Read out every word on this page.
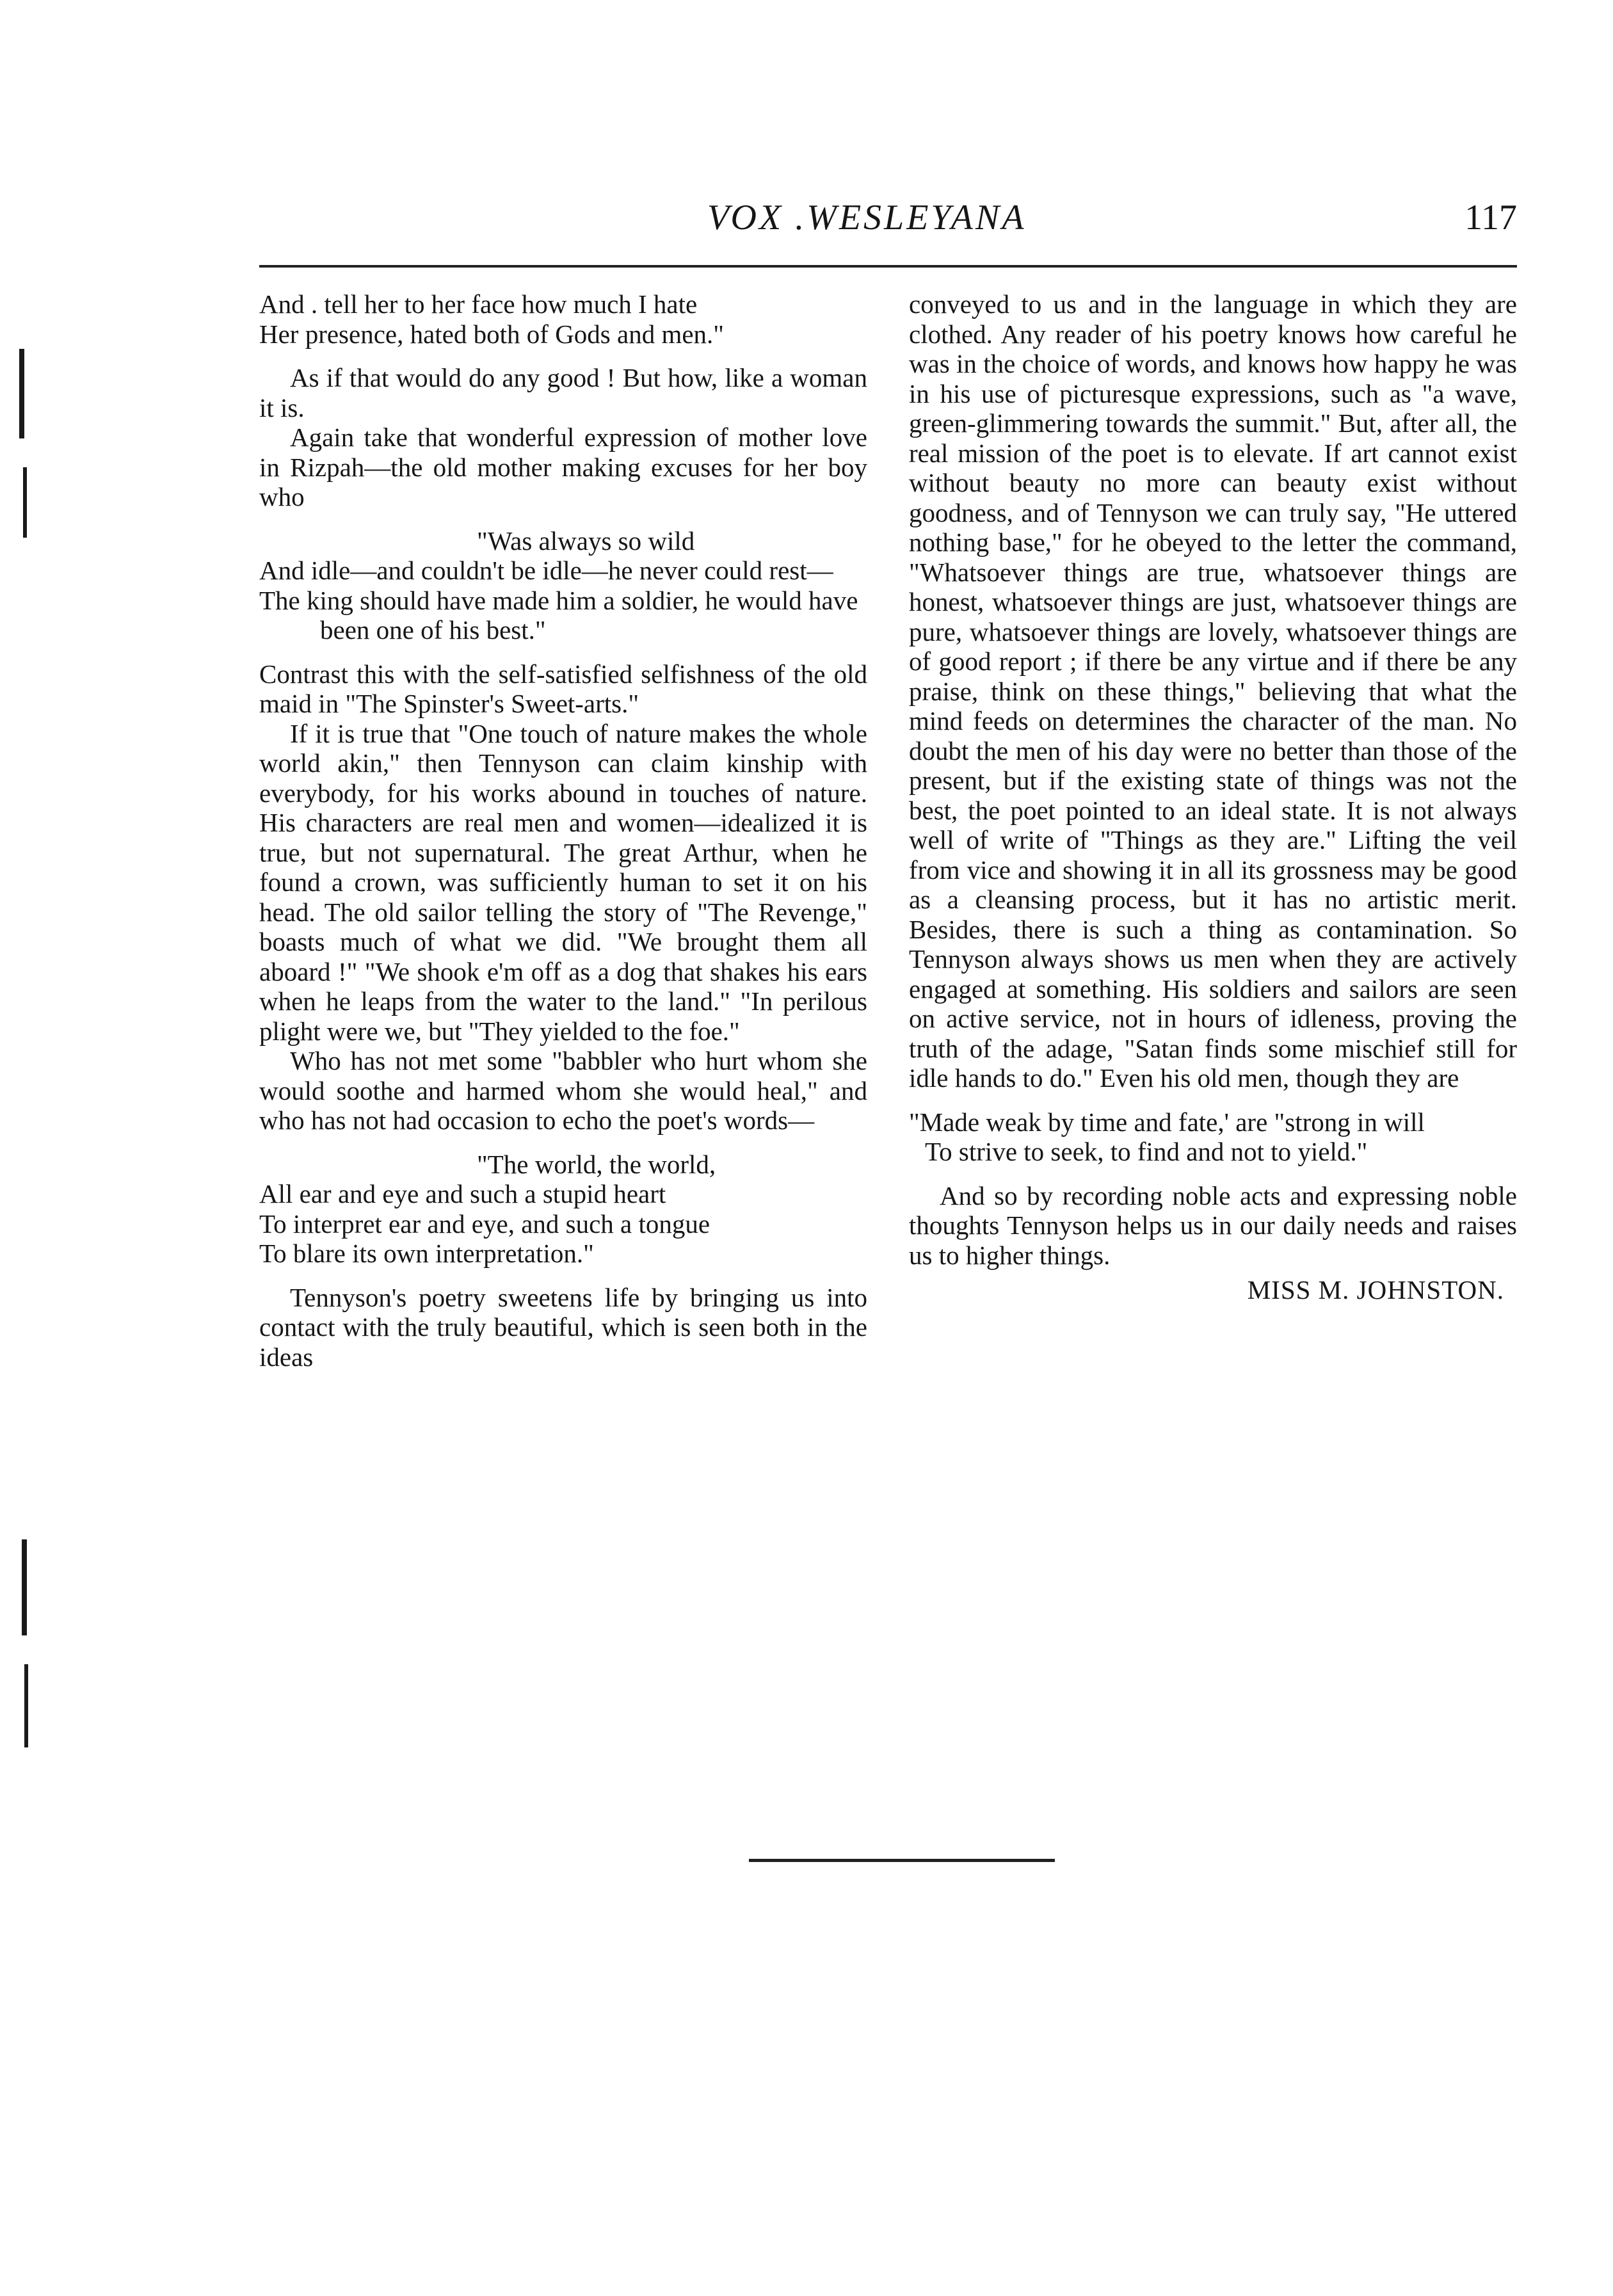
VOX .WESLEYANA	117
And . tell her to her face how much I hate
Her presence, hated both of Gods and men."

As if that would do any good ! But how, like a woman it is.

Again take that wonderful expression of mother love in Rizpah—the old mother making excuses for her boy who

"Was always so wild
And idle—and couldn't be idle—he never could rest—
The king should have made him a soldier, he would have been one of his best."

Contrast this with the self-satisfied selfishness of the old maid in "The Spinster's Sweet-arts."

If it is true that "One touch of nature makes the whole world akin," then Tennyson can claim kinship with everybody, for his works abound in touches of nature. His characters are real men and women—idealized it is true, but not supernatural. The great Arthur, when he found a crown, was sufficiently human to set it on his head. The old sailor telling the story of "The Revenge," boasts much of what we did. "We brought them all aboard !" "We shook e'm off as a dog that shakes his ears when he leaps from the water to the land." "In perilous plight were we, but "They yielded to the foe."

Who has not met some "babbler who hurt whom she would soothe and harmed whom she would heal," and who has not had occasion to echo the poet's words—

"The world, the world,
All ear and eye and such a stupid heart
To interpret ear and eye, and such a tongue
To blare its own interpretation."

Tennyson's poetry sweetens life by bringing us into contact with the truly beautiful, which is seen both in the ideas

conveyed to us and in the language in which they are clothed. Any reader of his poetry knows how careful he was in the choice of words, and knows how happy he was in his use of picturesque expressions, such as "a wave, green-glimmering towards the summit." But, after all, the real mission of the poet is to elevate. If art cannot exist without beauty no more can beauty exist without goodness, and of Tennyson we can truly say, "He uttered nothing base," for he obeyed to the letter the command, "Whatsoever things are true, whatsoever things are honest, whatsoever things are just, whatsoever things are pure, whatsoever things are lovely, whatsoever things are of good report ; if there be any virtue and if there be any praise, think on these things," believing that what the mind feeds on determines the character of the man. No doubt the men of his day were no better than those of the present, but if the existing state of things was not the best, the poet pointed to an ideal state. It is not always well of write of "Things as they are." Lifting the veil from vice and showing it in all its grossness may be good as a cleansing process, but it has no artistic merit. Besides, there is such a thing as contamination. So Tennyson always shows us men when they are actively engaged at something. His soldiers and sailors are seen on active service, not in hours of idleness, proving the truth of the adage, "Satan finds some mischief still for idle hands to do." Even his old men, though they are

"Made weak by time and fate,' are "strong in will
To strive to seek, to find and not to yield."

And so by recording noble acts and expressing noble thoughts Tennyson helps us in our daily needs and raises us to higher things.

MISS M. JOHNSTON.
